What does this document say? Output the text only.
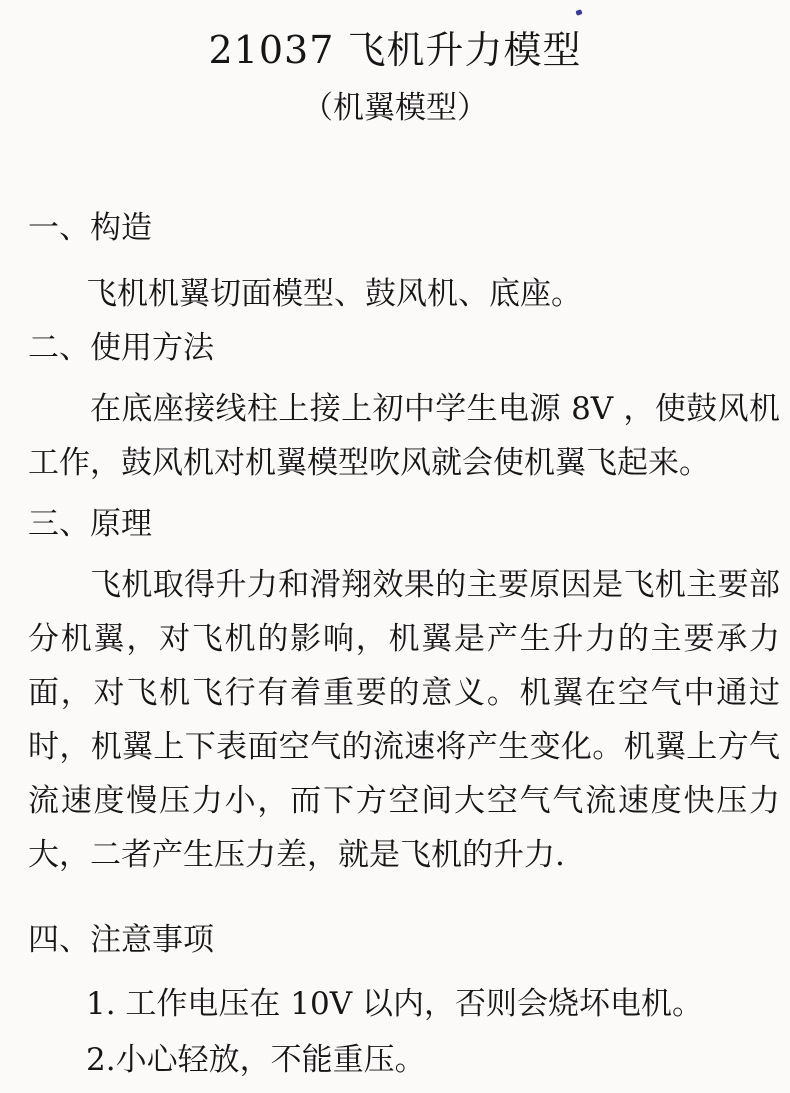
21037 飞机升力模型
（机翼模型）
一、构造
飞机机翼切面模型、鼓风机、底座。
二、使用方法
在底座接线柱上接上初中学生电源 8V ，使鼓风机工作，鼓风机对机翼模型吹风就会使机翼飞起来。
三、原理
飞机取得升力和滑翔效果的主要原因是飞机主要部分机翼，对飞机的影响，机翼是产生升力的主要承力面，对飞机飞行有着重要的意义。机翼在空气中通过时，机翼上下表面空气的流速将产生变化。机翼上方气流速度慢压力小，而下方空间大空气气流速度快压力大，二者产生压力差，就是飞机的升力.
四、注意事项
1. 工作电压在 10V 以内，否则会烧坏电机。
2.小心轻放，不能重压。
